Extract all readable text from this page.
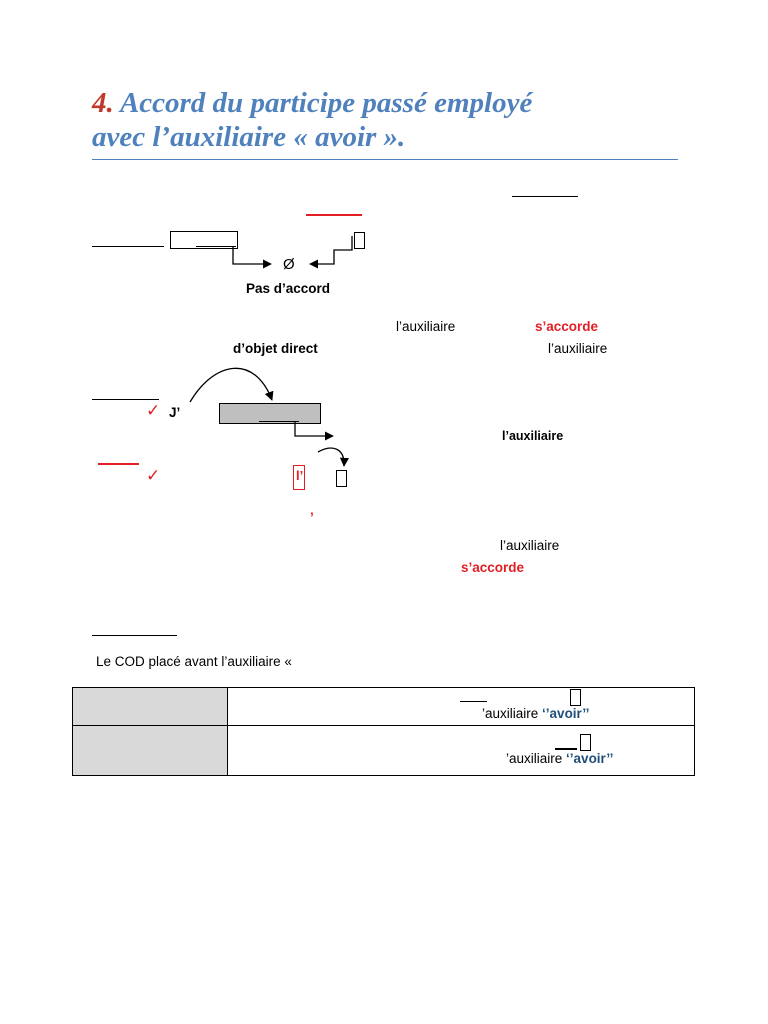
4. Accord du participe passé employé
avec l’auxiliaire « avoir ».
Ø
Pas d’accord
l’auxiliaire	s’accorde
d’objet direct	l’auxiliaire
✓ J’
l’auxiliaire
✓	l’
’
l’auxiliaire
s’accorde
Le COD placé avant l’auxiliaire «

	’auxiliaire ‘’avoir’’

	’auxiliaire ‘’avoir’’
